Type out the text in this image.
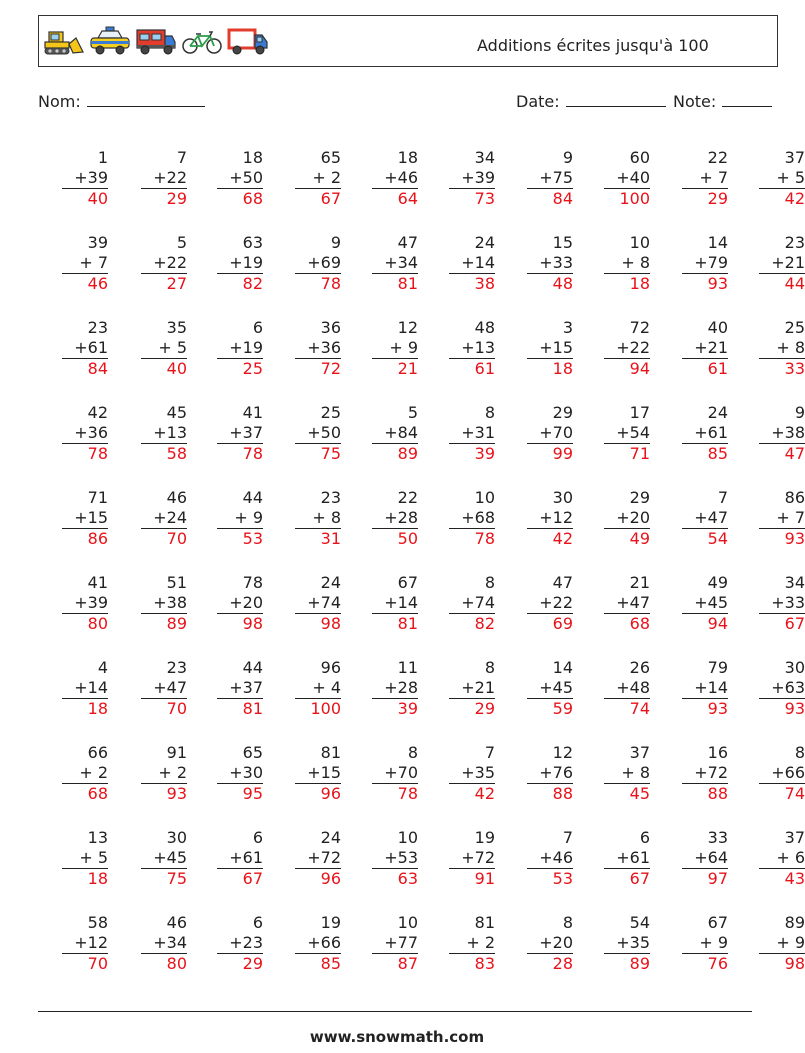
Additions écrites jusqu'à 100
Nom:	Date:	Note:
1
+39
40
7
+22
29
18
+50
68
65
+ 2
67
18
+46
64
34
+39
73
9
+75
84
60
+40
100
22
+ 7
29
37
+ 5
42
39
+ 7
46
5
+22
27
63
+19
82
9
+69
78
47
+34
81
24
+14
38
15
+33
48
10
+ 8
18
14
+79
93
23
+21
44
23
+61
84
35
+ 5
40
6
+19
25
36
+36
72
12
+ 9
21
48
+13
61
3
+15
18
72
+22
94
40
+21
61
25
+ 8
33
42
+36
78
45
+13
58
41
+37
78
25
+50
75
5
+84
89
8
+31
39
29
+70
99
17
+54
71
24
+61
85
9
+38
47
71
+15
86
46
+24
70
44
+ 9
53
23
+ 8
31
22
+28
50
10
+68
78
30
+12
42
29
+20
49
7
+47
54
86
+ 7
93
41
+39
80
51
+38
89
78
+20
98
24
+74
98
67
+14
81
8
+74
82
47
+22
69
21
+47
68
49
+45
94
34
+33
67
4
+14
18
23
+47
70
44
+37
81
96
+ 4
100
11
+28
39
8
+21
29
14
+45
59
26
+48
74
79
+14
93
30
+63
93
66
+ 2
68
91
+ 2
93
65
+30
95
81
+15
96
8
+70
78
7
+35
42
12
+76
88
37
+ 8
45
16
+72
88
8
+66
74
13
+ 5
18
30
+45
75
6
+61
67
24
+72
96
10
+53
63
19
+72
91
7
+46
53
6
+61
67
33
+64
97
37
+ 6
43
58
+12
70
46
+34
80
6
+23
29
19
+66
85
10
+77
87
81
+ 2
83
8
+20
28
54
+35
89
67
+ 9
76
89
+ 9
98
www.snowmath.com
